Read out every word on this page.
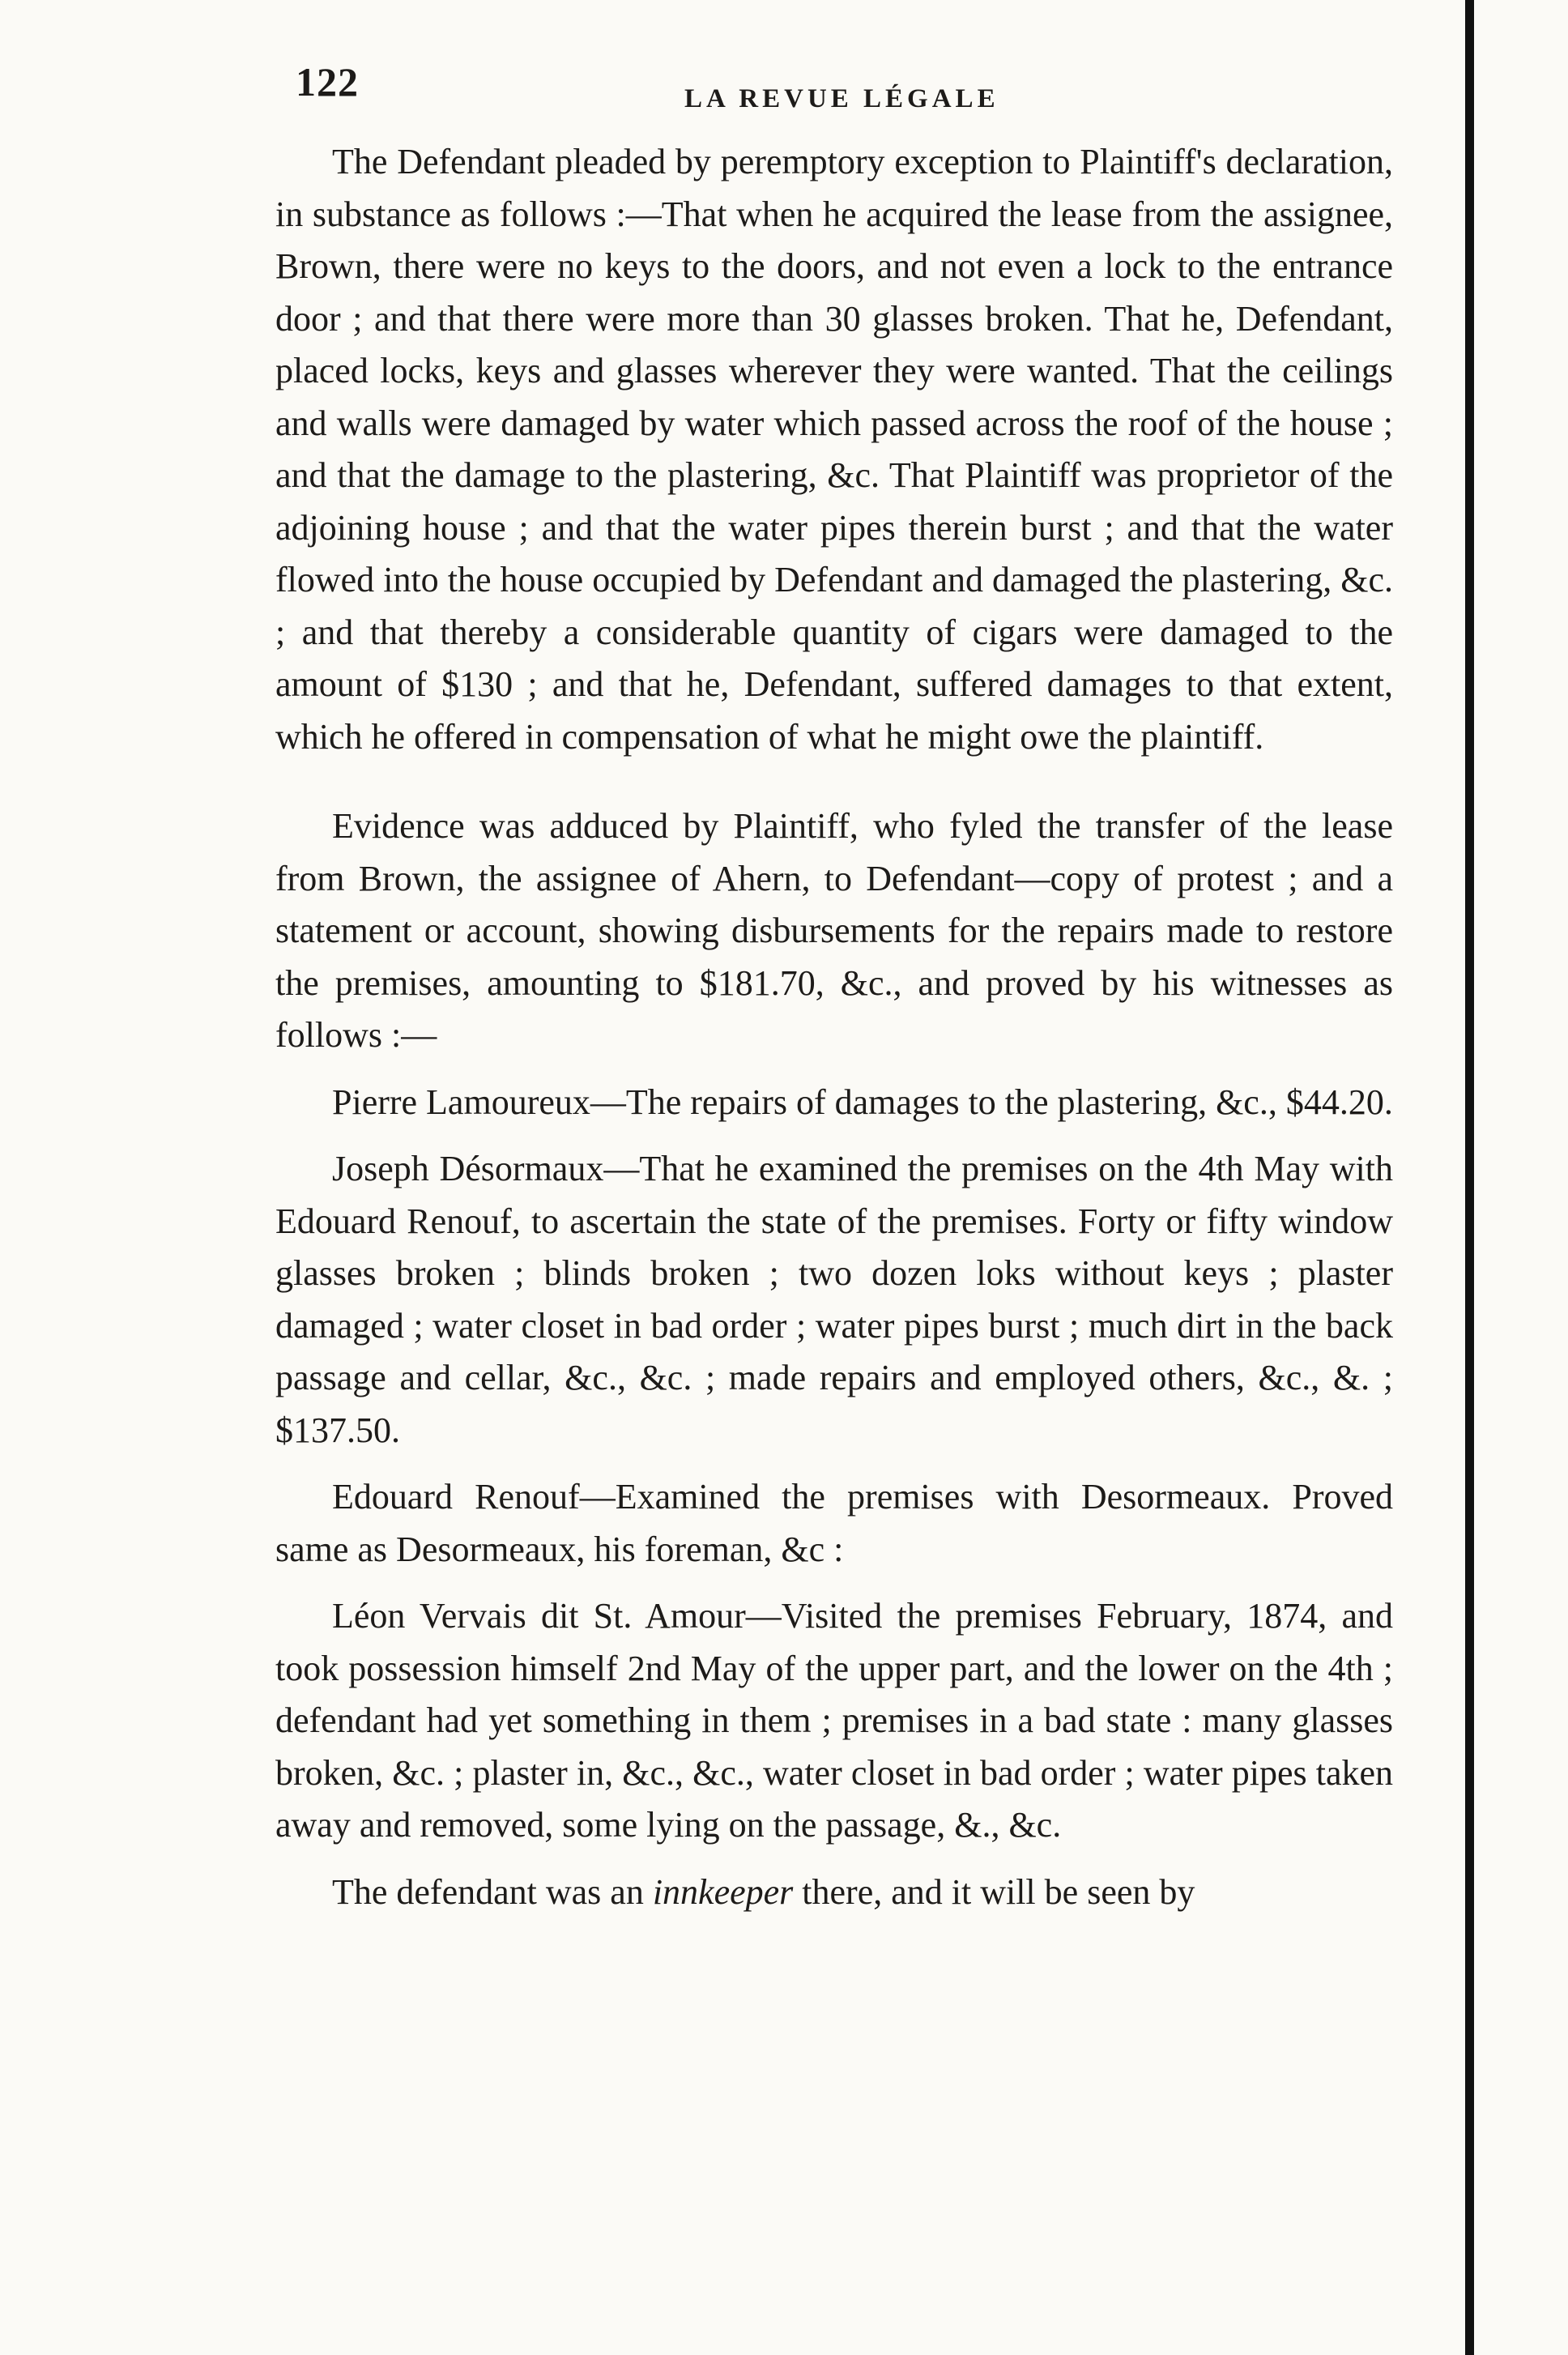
122	LA REVUE LÉGALE

The Defendant pleaded by peremptory exception to Plaintiff's declaration, in substance as follows :—That when he acquired the lease from the assignee, Brown, there were no keys to the doors, and not even a lock to the entrance door ; and that there were more than 30 glasses broken. That he, Defendant, placed locks, keys and glasses wherever they were wanted. That the ceilings and walls were damaged by water which passed across the roof of the house ; and that the damage to the plastering, &c. That Plaintiff was proprietor of the adjoining house ; and that the water pipes therein burst ; and that the water flowed into the house occupied by Defendant and damaged the plastering, &c. ; and that thereby a considerable quantity of cigars were damaged to the amount of $130 ; and that he, Defendant, suffered damages to that extent, which he offered in compensation of what he might owe the plaintiff.

Evidence was adduced by Plaintiff, who fyled the transfer of the lease from Brown, the assignee of Ahern, to Defendant—copy of protest ; and a statement or account, showing disbursements for the repairs made to restore the premises, amounting to $181.70, &c., and proved by his witnesses as follows :—

Pierre Lamoureux—The repairs of damages to the plastering, &c., $44.20.

Joseph Désormaux—That he examined the premises on the 4th May with Edouard Renouf, to ascertain the state of the premises. Forty or fifty window glasses broken ; blinds broken ; two dozen loks without keys ; plaster damaged ; water closet in bad order ; water pipes burst ; much dirt in the back passage and cellar, &c., &c. ; made repairs and employed others, &c., &. ; $137.50.

Edouard Renouf—Examined the premises with Desormeaux. Proved same as Desormeaux, his foreman, &c :

Léon Vervais dit St. Amour—Visited the premises February, 1874, and took possession himself 2nd May of the upper part, and the lower on the 4th ; defendant had yet something in them ; premises in a bad state : many glasses broken, &c. ; plaster in, &c., &c., water closet in bad order ; water pipes taken away and removed, some lying on the passage, &., &c.

The defendant was an innkeeper there, and it will be seen by
